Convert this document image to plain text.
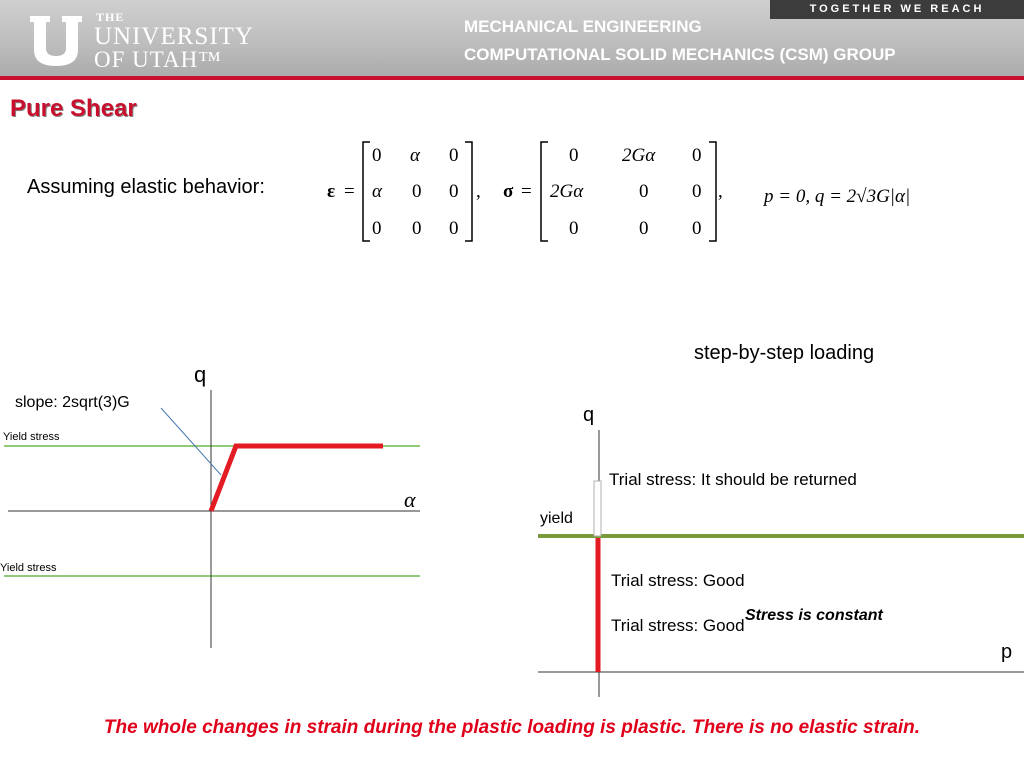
THE
UNIVERSITY
OF UTAH™
MECHANICAL ENGINEERING
COMPUTATIONAL SOLID MECHANICS (CSM) GROUP
TOGETHER WE REACH
Pure Shear
Assuming elastic behavior:	ε =
0 α 0
α 0 0
0 0 0
, σ =
0 2Gα 0
2Gα	0 0
0	0 0
, p = 0, q = 2√3G|α|
q
α
slope: 2sqrt(3)G
Yield stress
Yield stress
step-by-step loading
q
p
yield
Trial stress: It should be returned
Trial stress: Good
Trial stress: Good
Stress is constant
The whole changes in strain during the plastic loading is plastic. There is no elastic strain.
